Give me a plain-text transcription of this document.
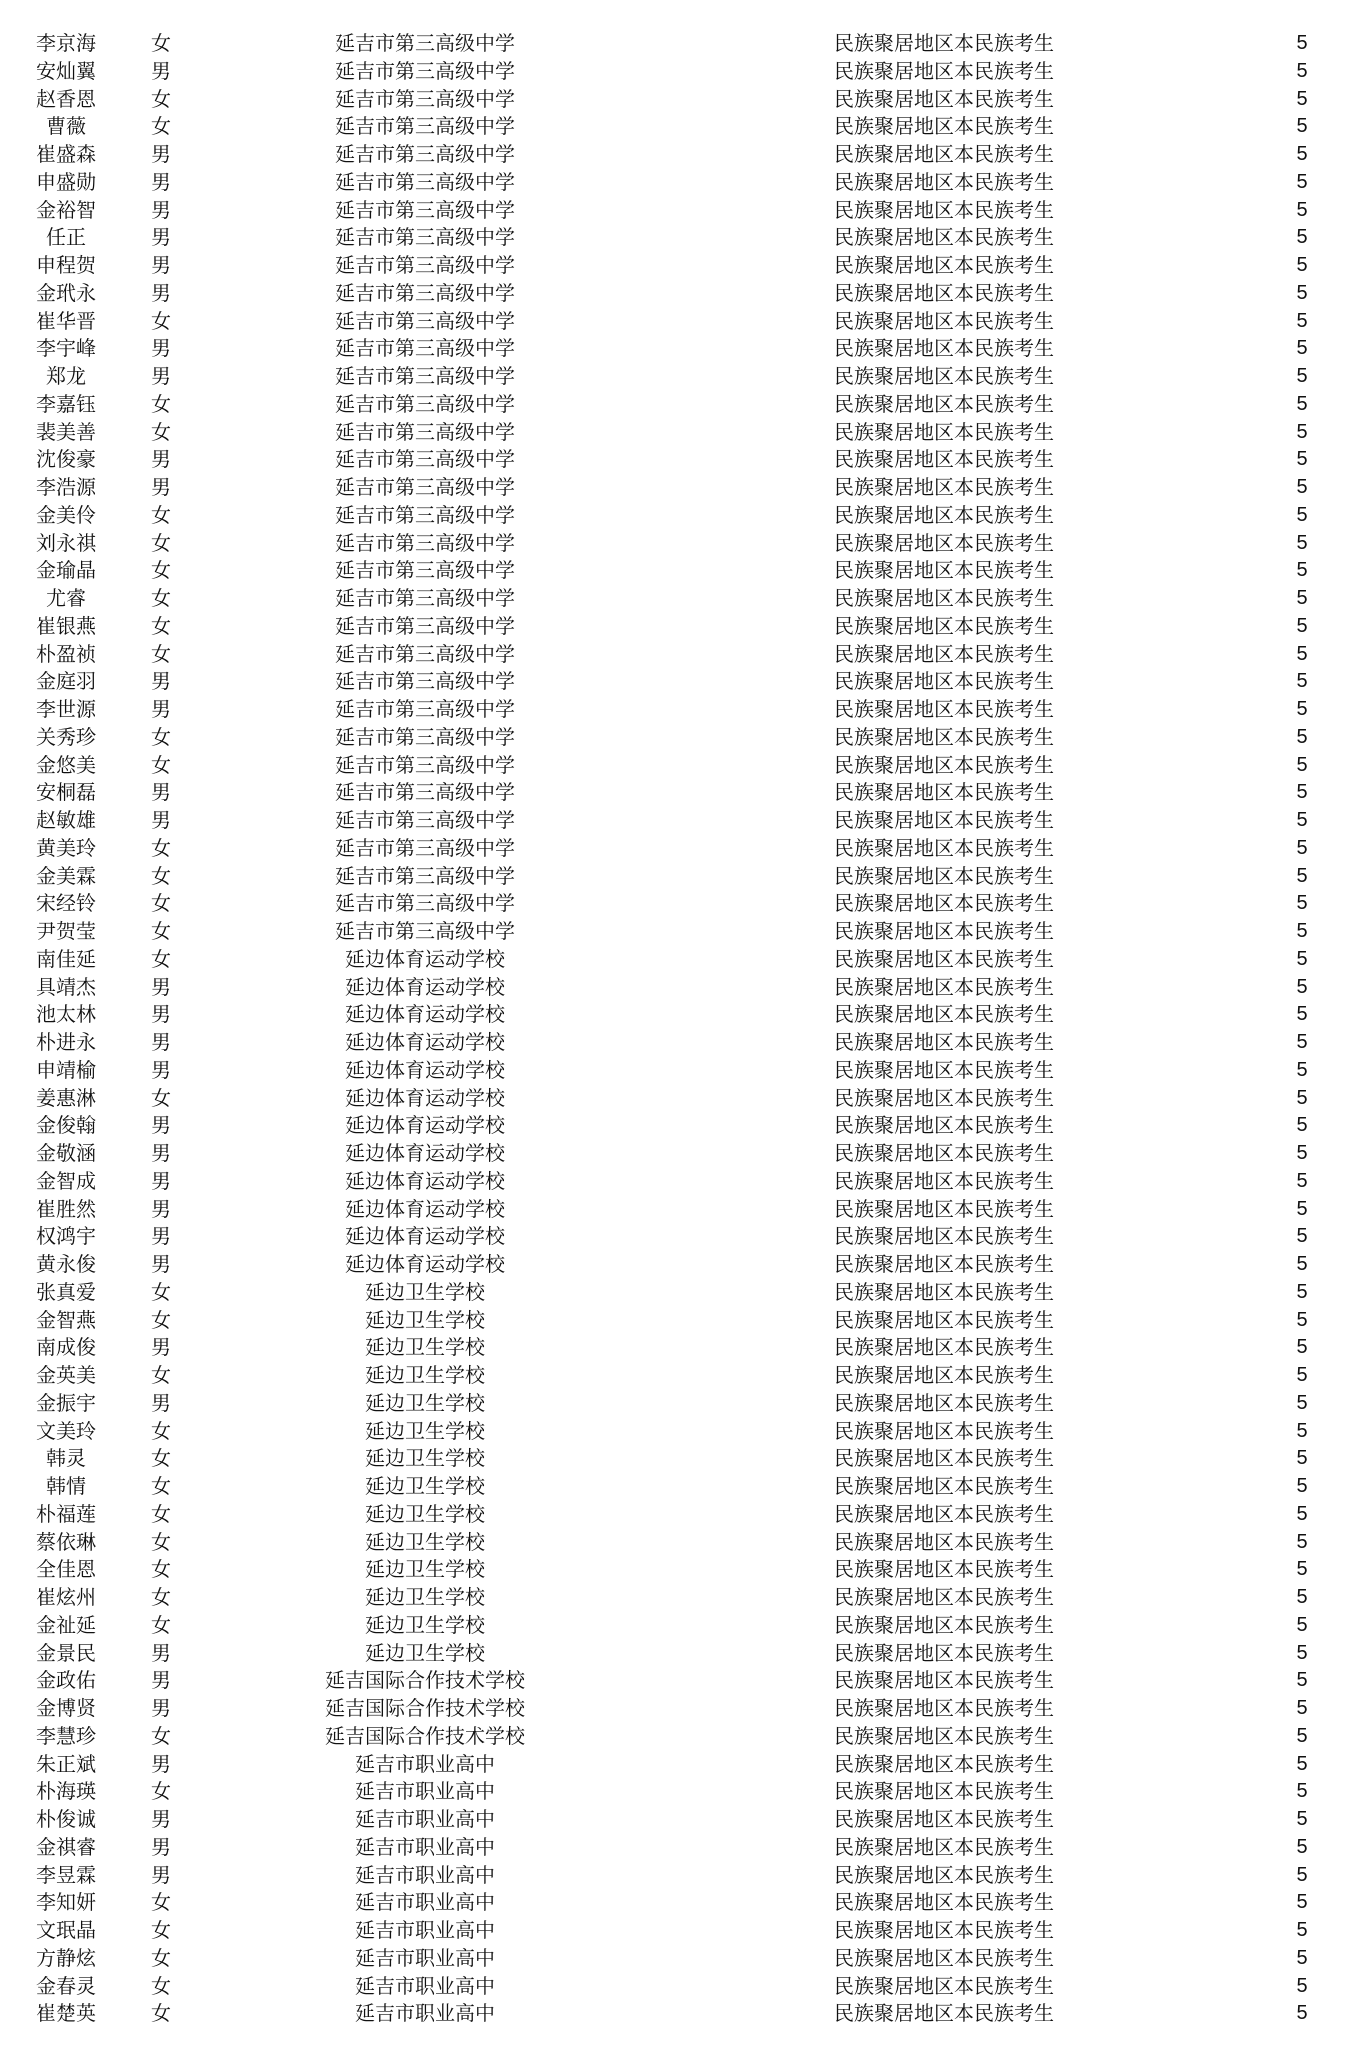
李京海	女	延吉市第三高级中学	民族聚居地区本民族考生	5
安灿翼	男	延吉市第三高级中学	民族聚居地区本民族考生	5
赵香恩	女	延吉市第三高级中学	民族聚居地区本民族考生	5
曹薇	女	延吉市第三高级中学	民族聚居地区本民族考生	5
崔盛森	男	延吉市第三高级中学	民族聚居地区本民族考生	5
申盛勋	男	延吉市第三高级中学	民族聚居地区本民族考生	5
金裕智	男	延吉市第三高级中学	民族聚居地区本民族考生	5
任正	男	延吉市第三高级中学	民族聚居地区本民族考生	5
申程贺	男	延吉市第三高级中学	民族聚居地区本民族考生	5
金玳永	男	延吉市第三高级中学	民族聚居地区本民族考生	5
崔华晋	女	延吉市第三高级中学	民族聚居地区本民族考生	5
李宇峰	男	延吉市第三高级中学	民族聚居地区本民族考生	5
郑龙	男	延吉市第三高级中学	民族聚居地区本民族考生	5
李嘉钰	女	延吉市第三高级中学	民族聚居地区本民族考生	5
裴美善	女	延吉市第三高级中学	民族聚居地区本民族考生	5
沈俊豪	男	延吉市第三高级中学	民族聚居地区本民族考生	5
李浩源	男	延吉市第三高级中学	民族聚居地区本民族考生	5
金美伶	女	延吉市第三高级中学	民族聚居地区本民族考生	5
刘永祺	女	延吉市第三高级中学	民族聚居地区本民族考生	5
金瑜晶	女	延吉市第三高级中学	民族聚居地区本民族考生	5
尤睿	女	延吉市第三高级中学	民族聚居地区本民族考生	5
崔银燕	女	延吉市第三高级中学	民族聚居地区本民族考生	5
朴盈祯	女	延吉市第三高级中学	民族聚居地区本民族考生	5
金庭羽	男	延吉市第三高级中学	民族聚居地区本民族考生	5
李世源	男	延吉市第三高级中学	民族聚居地区本民族考生	5
关秀珍	女	延吉市第三高级中学	民族聚居地区本民族考生	5
金悠美	女	延吉市第三高级中学	民族聚居地区本民族考生	5
安桐磊	男	延吉市第三高级中学	民族聚居地区本民族考生	5
赵敏雄	男	延吉市第三高级中学	民族聚居地区本民族考生	5
黄美玲	女	延吉市第三高级中学	民族聚居地区本民族考生	5
金美霖	女	延吉市第三高级中学	民族聚居地区本民族考生	5
宋经铃	女	延吉市第三高级中学	民族聚居地区本民族考生	5
尹贺莹	女	延吉市第三高级中学	民族聚居地区本民族考生	5
南佳延	女	延边体育运动学校	民族聚居地区本民族考生	5
具靖杰	男	延边体育运动学校	民族聚居地区本民族考生	5
池太林	男	延边体育运动学校	民族聚居地区本民族考生	5
朴进永	男	延边体育运动学校	民族聚居地区本民族考生	5
申靖榆	男	延边体育运动学校	民族聚居地区本民族考生	5
姜惠淋	女	延边体育运动学校	民族聚居地区本民族考生	5
金俊翰	男	延边体育运动学校	民族聚居地区本民族考生	5
金敬涵	男	延边体育运动学校	民族聚居地区本民族考生	5
金智成	男	延边体育运动学校	民族聚居地区本民族考生	5
崔胜然	男	延边体育运动学校	民族聚居地区本民族考生	5
权鸿宇	男	延边体育运动学校	民族聚居地区本民族考生	5
黄永俊	男	延边体育运动学校	民族聚居地区本民族考生	5
张真爱	女	延边卫生学校	民族聚居地区本民族考生	5
金智燕	女	延边卫生学校	民族聚居地区本民族考生	5
南成俊	男	延边卫生学校	民族聚居地区本民族考生	5
金英美	女	延边卫生学校	民族聚居地区本民族考生	5
金振宇	男	延边卫生学校	民族聚居地区本民族考生	5
文美玲	女	延边卫生学校	民族聚居地区本民族考生	5
韩灵	女	延边卫生学校	民族聚居地区本民族考生	5
韩情	女	延边卫生学校	民族聚居地区本民族考生	5
朴福莲	女	延边卫生学校	民族聚居地区本民族考生	5
蔡依琳	女	延边卫生学校	民族聚居地区本民族考生	5
全佳恩	女	延边卫生学校	民族聚居地区本民族考生	5
崔炫州	女	延边卫生学校	民族聚居地区本民族考生	5
金祉延	女	延边卫生学校	民族聚居地区本民族考生	5
金景民	男	延边卫生学校	民族聚居地区本民族考生	5
金政佑	男	延吉国际合作技术学校	民族聚居地区本民族考生	5
金博贤	男	延吉国际合作技术学校	民族聚居地区本民族考生	5
李慧珍	女	延吉国际合作技术学校	民族聚居地区本民族考生	5
朱正斌	男	延吉市职业高中	民族聚居地区本民族考生	5
朴海瑛	女	延吉市职业高中	民族聚居地区本民族考生	5
朴俊诚	男	延吉市职业高中	民族聚居地区本民族考生	5
金祺睿	男	延吉市职业高中	民族聚居地区本民族考生	5
李昱霖	男	延吉市职业高中	民族聚居地区本民族考生	5
李知妍	女	延吉市职业高中	民族聚居地区本民族考生	5
文珉晶	女	延吉市职业高中	民族聚居地区本民族考生	5
方静炫	女	延吉市职业高中	民族聚居地区本民族考生	5
金春灵	女	延吉市职业高中	民族聚居地区本民族考生	5
崔楚英	女	延吉市职业高中	民族聚居地区本民族考生	5
